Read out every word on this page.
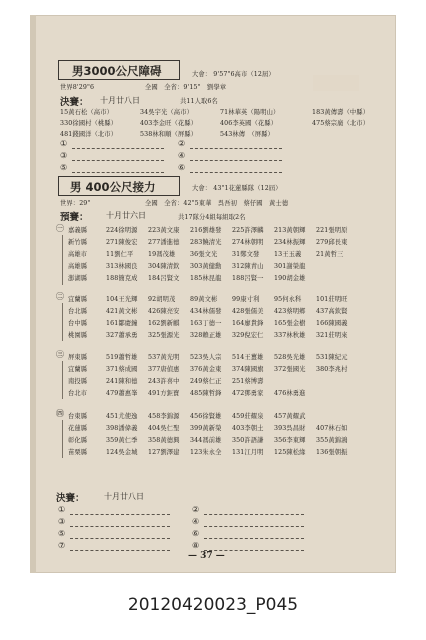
男3000公尺障碍	大會： 9'57"6高市（12屆）
世界8'29"6	全國　全省：9'15"　劉學章
決賽： 十月廿八日	共11人取6名
15黃石松（高市）	34吳宇光（高市）	71林華英（陽明山）	183黃傳壽（中縣）
330徐國村（桃縣）	403李金旺（花縣）	406李英國（花縣）	475蔡宗廣（北市）
481錢國洋（北市）	538林和順（屏縣）	543林傳　（屏縣）
①	②
③	④
⑤	⑥
男 400公尺接力	大會： 43"1花蓮縣隊（12屆）
世界：29"	全國　全省：42"5東華　呉吾初　蔡仔國　黃士德
預賽： 十月廿六日	共17隊分4組每組取2名
㊀ 嘉義縣	224徐明源 223黃文康 216劉雄發 225許澤麟 213黃朝輝 221張明原
新竹縣	271陳俊宏 277潘進德 283饒清光 274林朝明 234林振輝 279邱長東
高雄市	11劉仁平 19馮茂雄 36張文光 31鄭文發 13王玉義 21黃哲三
高雄縣	313林國良 304陳清欽 303黃健勳 312陳青山 301謝榮龍
澎湖縣	188簡克成 184呂賢文 185林昆龍 188呂賢一 190胡金雄
㊁ 宜蘭縣	104王光輝 92胡明茂 89黃文彬 99康寸利 95何永科 101莊明旺
台北縣	421黃文彬 426陳亮安 434林儒發 428張儒美 423蔡明鄉 437高欽賢
台中縣	161鄒慶鐘 162劉新麒 163丁德一 164廖貴鋒 165張金樹 166陳國義
桃園縣	327蕭承勇 325張源光 328賴正雄 329倪宏仁 337林秋雄 321莊明來
㊂ 屏東縣	519蕭哲雄 537黃光明 523吳人宗 514王薑雄 528吳光雄 531陳紀元
宜蘭縣	371蔡成國 377唐偵惠 376黃金東 374陳國旗 372張國光 380李兆村
南投縣	241陳和德 243許喜中 249蔡仁正 251蔡博壽
台北市	479蕭惠峯 491方鉅寶 485陳哲鋒 472鄧勇家 476林勇進
㊃ 台東縣	451尤使逸 458李錦源 456徐賢雄 459莊耀泉 457黃耀武
花蓮縣	398潘偉義 404吳仁聖 399黃新榮 403李朝土 393呉昌財 407林石如
彰化縣	359黃仁季 358黃德興 344馮前雄 350許語謙 356李東輝 355黃錦鴻
苗栗縣	124吳金城 127劉澤建 123朱永全 131江月明 125陳松緣 136張朝振
決賽： 十月廿八日
①	②
③	④
⑤	⑥
⑦	⑧
— 37 —
20120420023_P045
